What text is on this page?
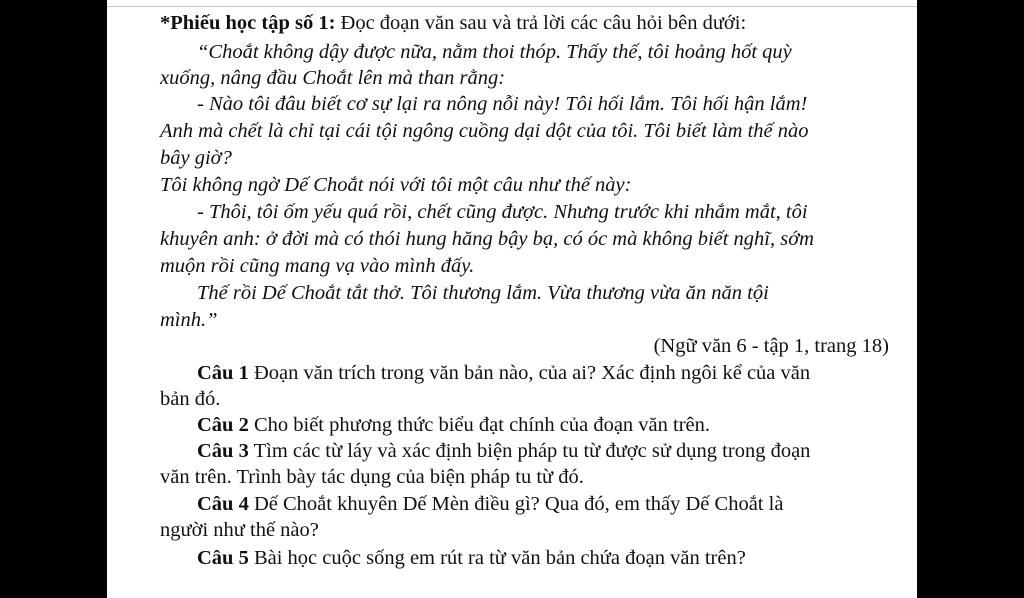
*Phiếu học tập số 1: Đọc đoạn văn sau và trả lời các câu hỏi bên dưới:
“Choắt không dậy được nữa, nằm thoi thóp. Thấy thế, tôi hoảng hốt quỳ
xuống, nâng đầu Choắt lên mà than rằng:
- Nào tôi đâu biết cơ sự lại ra nông nỗi này! Tôi hối lắm. Tôi hối hận lắm!
Anh mà chết là chỉ tại cái tội ngông cuồng dại dột của tôi. Tôi biết làm thế nào
bây giờ?
Tôi không ngờ Dế Choắt nói với tôi một câu như thế này:
- Thôi, tôi ốm yếu quá rồi, chết cũng được. Nhưng trước khi nhắm mắt, tôi
khuyên anh: ở đời mà có thói hung hăng bậy bạ, có óc mà không biết nghĩ, sớm
muộn rồi cũng mang vạ vào mình đấy.
Thế rồi Dế Choắt tắt thở. Tôi thương lắm. Vừa thương vừa ăn năn tội
mình.”
(Ngữ văn 6 - tập 1, trang 18)
Câu 1 Đoạn văn trích trong văn bản nào, của ai? Xác định ngôi kể của văn
bản đó.
Câu 2 Cho biết phương thức biểu đạt chính của đoạn văn trên.
Câu 3 Tìm các từ láy và xác định biện pháp tu từ được sử dụng trong đoạn
văn trên. Trình bày tác dụng của biện pháp tu từ đó.
Câu 4 Dế Choắt khuyên Dế Mèn điều gì? Qua đó, em thấy Dế Choắt là
người như thế nào?
Câu 5 Bài học cuộc sống em rút ra từ văn bản chứa đoạn văn trên?
